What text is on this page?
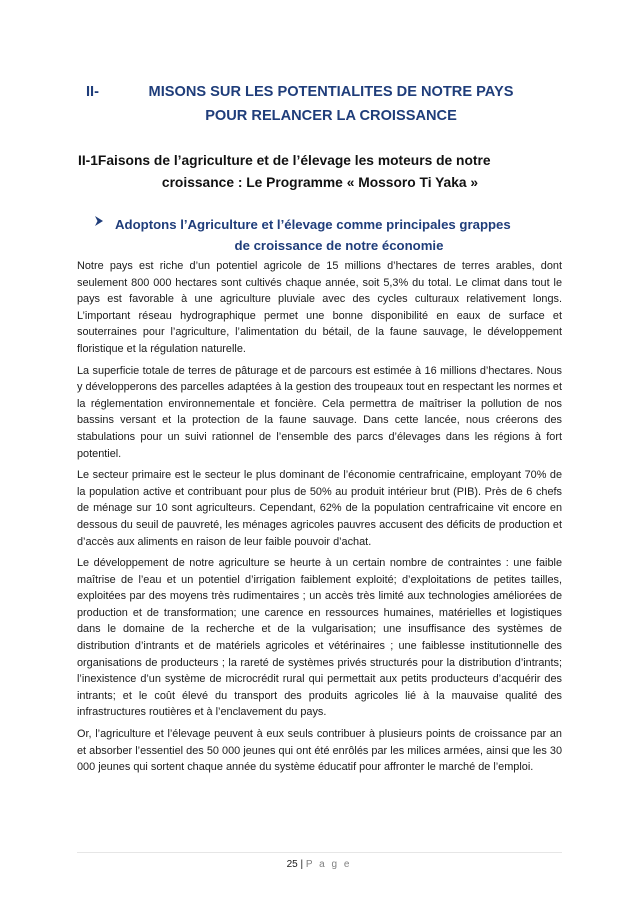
II-	MISONS SUR LES POTENTIALITES DE NOTRE PAYS
POUR RELANCER LA CROISSANCE
II-1Faisons de l’agriculture et de l’élevage les moteurs de notre
croissance : Le Programme « Mossoro Ti Yaka »
Adoptons l’Agriculture et l’élevage comme principales grappes
de croissance de notre économie

Notre pays est riche d’un potentiel agricole de 15 millions d’hectares de terres arables, dont seulement 800 000 hectares sont cultivés chaque année, soit 5,3% du total. Le climat dans tout le pays est favorable à une agriculture pluviale avec des cycles culturaux relativement longs. L’important réseau hydrographique permet une bonne disponibilité en eaux de surface et souterraines pour l’agriculture, l’alimentation du bétail, de la faune sauvage, le développement floristique et la régulation naturelle.

La superficie totale de terres de pâturage et de parcours est estimée à 16 millions d’hectares. Nous y développerons des parcelles adaptées à la gestion des troupeaux tout en respectant les normes et la réglementation environnementale et foncière. Cela permettra de maîtriser la pollution de nos bassins versant et la protection de la faune sauvage. Dans cette lancée, nous créerons des stabulations pour un suivi rationnel de l’ensemble des parcs d’élevages dans les régions à fort potentiel.

Le secteur primaire est le secteur le plus dominant de l’économie centrafricaine, employant 70% de la population active et contribuant pour plus de 50% au produit intérieur brut (PIB). Près de 6 chefs de ménage sur 10 sont agriculteurs. Cependant, 62% de la population centrafricaine vit encore en dessous du seuil de pauvreté, les ménages agricoles pauvres accusent des déficits de production et d’accès aux aliments en raison de leur faible pouvoir d’achat.

Le développement de notre agriculture se heurte à un certain nombre de contraintes : une faible maîtrise de l’eau et un potentiel d’irrigation faiblement exploité; d’exploitations de petites tailles, exploitées par des moyens très rudimentaires ; un accès très limité aux technologies améliorées de production et de transformation; une carence en ressources humaines, matérielles et logistiques dans le domaine de la recherche et de la vulgarisation; une insuffisance des systèmes de distribution d’intrants et de matériels agricoles et vétérinaires ; une faiblesse institutionnelle des organisations de producteurs ; la rareté de systèmes privés structurés pour la distribution d’intrants; l’inexistence d’un système de microcrédit rural qui permettait aux petits producteurs d’acquérir des intrants; et le coût élevé du transport des produits agricoles lié à la mauvaise qualité des infrastructures routières et à l’enclavement du pays.

Or, l’agriculture et l’élevage peuvent à eux seuls contribuer à plusieurs points de croissance par an et absorber l’essentiel des 50 000 jeunes qui ont été enrôlés par les milices armées, ainsi que les 30 000 jeunes qui sortent chaque année du système éducatif pour affronter le marché de l’emploi.

25 | P a g e
